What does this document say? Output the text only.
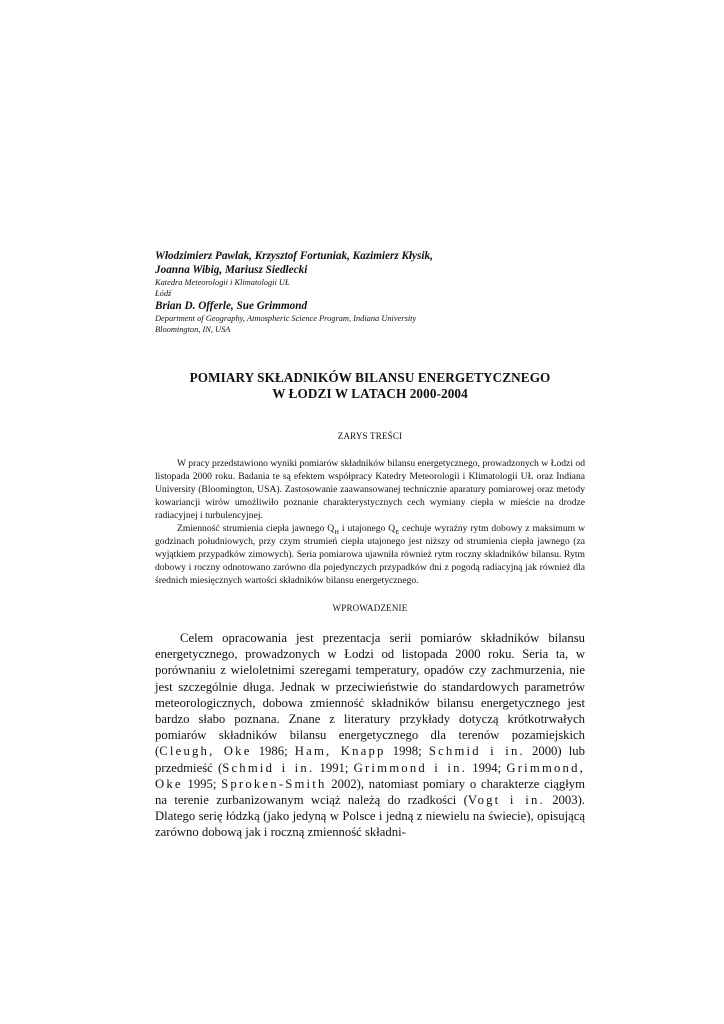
Włodzimierz Pawlak, Krzysztof Fortuniak, Kazimierz Kłysik,
Joanna Wibig, Mariusz Siedlecki
Katedra Meteorologii i Klimatologii UŁ
Łódź
Brian D. Offerle, Sue Grimmond
Department of Geography, Atmospheric Science Program, Indiana University
Bloomington, IN, USA
POMIARY SKŁADNIKÓW BILANSU ENERGETYCZNEGO
W ŁODZI W LATACH 2000-2004
ZARYS TREŚCI

W pracy przedstawiono wyniki pomiarów składników bilansu energetycznego, prowadzonych w Łodzi od listopada 2000 roku. Badania te są efektem współpracy Katedry Meteorologii i Klimatologii UŁ oraz Indiana University (Bloomington, USA). Zastosowanie zaawansowanej technicznie aparatury pomiarowej oraz metody kowariancji wirów umożliwiło poznanie charakterystycznych cech wymiany ciepła w mieście na drodze radiacyjnej i turbulencyjnej.

Zmienność strumienia ciepła jawnego $Q_H$ i utajonego $Q_E$ cechuje wyraźny rytm dobowy z maksimum w godzinach południowych, przy czym strumień ciepła utajonego jest niższy od strumienia ciepła jawnego (za wyjątkiem przypadków zimowych). Seria pomiarowa ujawniła również rytm roczny składników bilansu. Rytm dobowy i roczny odnotowano zarówno dla pojedynczych przypadków dni z pogodą radiacyjną jak również dla średnich miesięcznych wartości składników bilansu energetycznego.

WPROWADZENIE

Celem opracowania jest prezentacja serii pomiarów składników bilansu energetycznego, prowadzonych w Łodzi od listopada 2000 roku. Seria ta, w porównaniu z wieloletnimi szeregami temperatury, opadów czy zachmurzenia, nie jest szczególnie długa. Jednak w przeciwieństwie do standardowych parametrów meteorologicznych, dobowa zmienność składników bilansu energetycznego jest bardzo słabo poznana. Znane z literatury przykłady dotyczą krótkotrwałych pomiarów składników bilansu energetycznego dla terenów pozamiejskich (Cleugh, Oke 1986; Ham, Knapp 1998; Schmid i in. 2000) lub przedmieść (Schmid i in. 1991; Grimmond i in. 1994; Grimmond, Oke 1995; Sproken-Smith 2002), natomiast pomiary o charakterze ciągłym na terenie zurbanizowanym wciąż należą do rzadkości (Vogt i in. 2003). Dlatego serię łódzką (jako jedyną w Polsce i jedną z niewielu na świecie), opisującą zarówno dobową jak i roczną zmienność składni-
